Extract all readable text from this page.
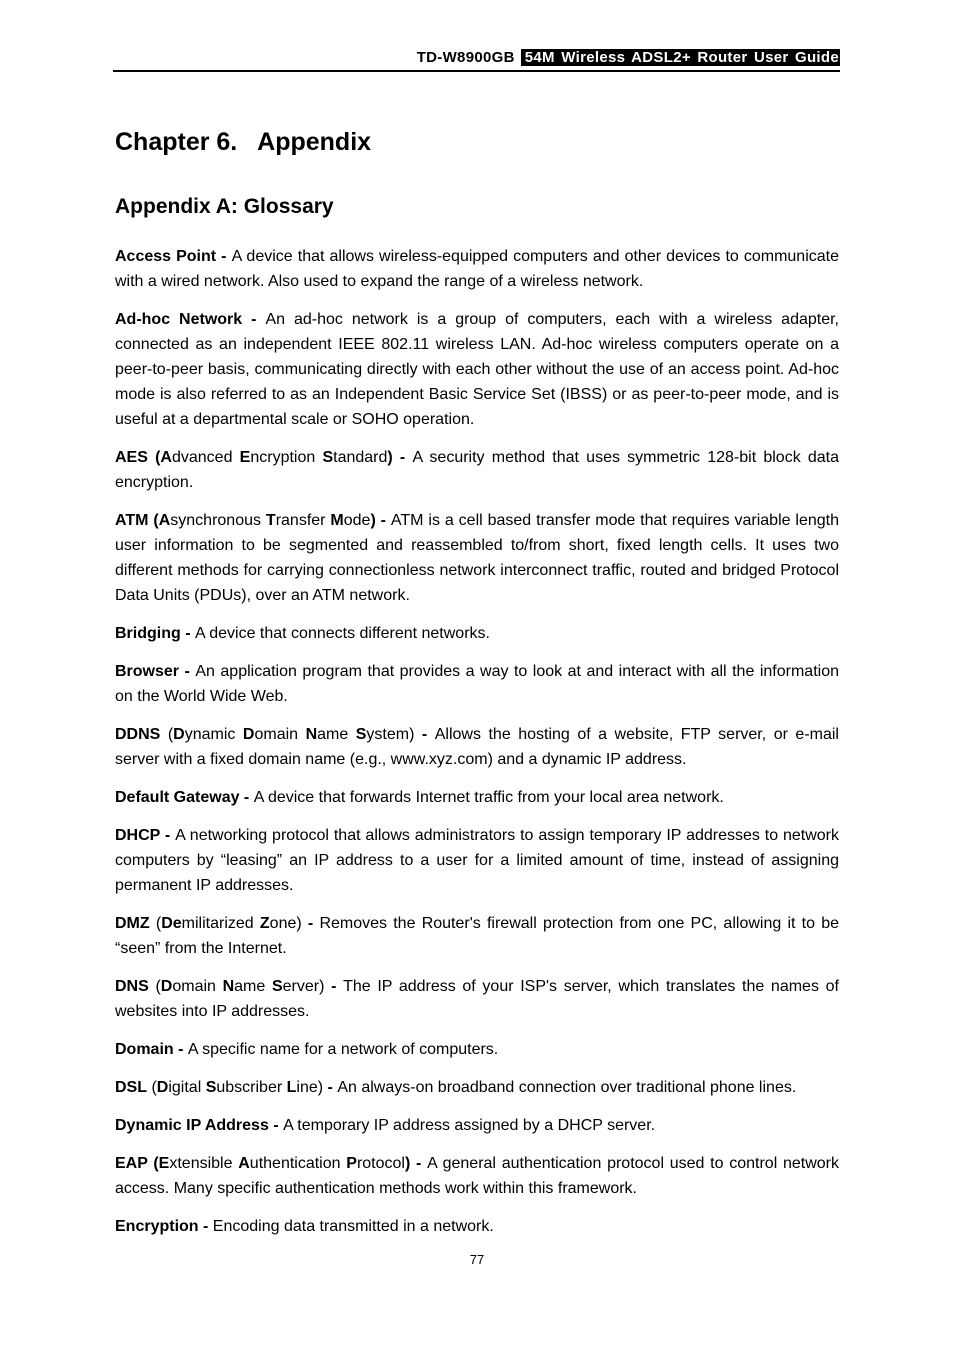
TD-W8900GB 54M Wireless ADSL2+ Router User Guide
Chapter 6.   Appendix
Appendix A: Glossary

Access Point - A device that allows wireless-equipped computers and other devices to communicate with a wired network. Also used to expand the range of a wireless network.

Ad-hoc Network - An ad-hoc network is a group of computers, each with a wireless adapter, connected as an independent IEEE 802.11 wireless LAN. Ad-hoc wireless computers operate on a peer-to-peer basis, communicating directly with each other without the use of an access point. Ad-hoc mode is also referred to as an Independent Basic Service Set (IBSS) or as peer-to-peer mode, and is useful at a departmental scale or SOHO operation.

AES (Advanced Encryption Standard) - A security method that uses symmetric 128-bit block data encryption.

ATM (Asynchronous Transfer Mode) - ATM is a cell based transfer mode that requires variable length user information to be segmented and reassembled to/from short, fixed length cells. It uses two different methods for carrying connectionless network interconnect traffic, routed and bridged Protocol Data Units (PDUs), over an ATM network.

Bridging - A device that connects different networks.

Browser - An application program that provides a way to look at and interact with all the information on the World Wide Web.

DDNS (Dynamic Domain Name System) - Allows the hosting of a website, FTP server, or e-mail server with a fixed domain name (e.g., www.xyz.com) and a dynamic IP address.

Default Gateway - A device that forwards Internet traffic from your local area network.

DHCP - A networking protocol that allows administrators to assign temporary IP addresses to network computers by “leasing” an IP address to a user for a limited amount of time, instead of assigning permanent IP addresses.

DMZ (Demilitarized Zone) - Removes the Router's firewall protection from one PC, allowing it to be “seen” from the Internet.

DNS (Domain Name Server) - The IP address of your ISP's server, which translates the names of websites into IP addresses.

Domain - A specific name for a network of computers.

DSL (Digital Subscriber Line) - An always-on broadband connection over traditional phone lines.

Dynamic IP Address - A temporary IP address assigned by a DHCP server.

EAP (Extensible Authentication Protocol) - A general authentication protocol used to control network access. Many specific authentication methods work within this framework.

Encryption - Encoding data transmitted in a network.

77
